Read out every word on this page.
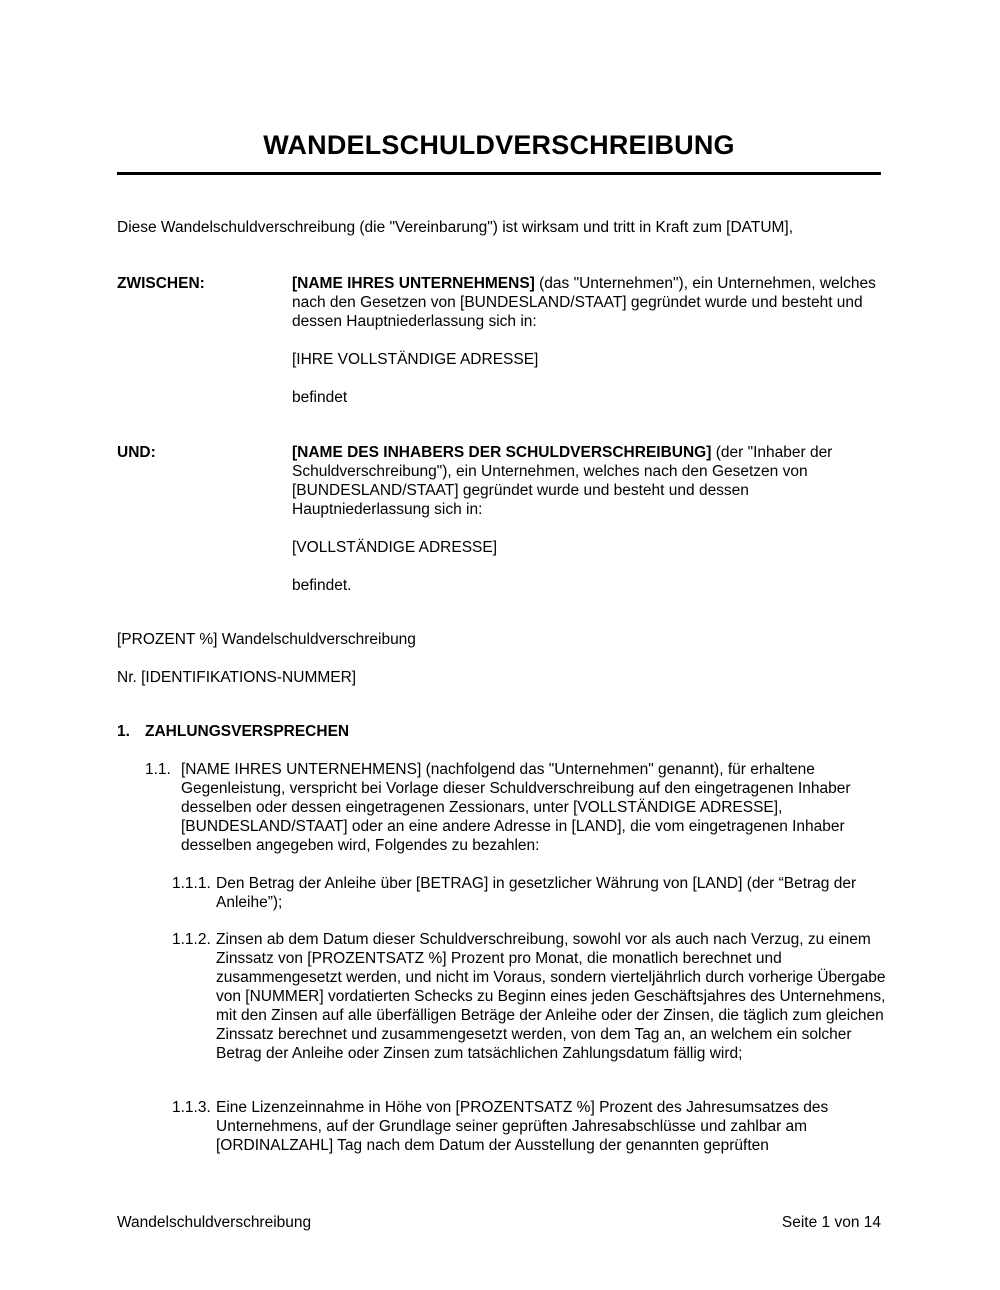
WANDELSCHULDVERSCHREIBUNG
Diese Wandelschuldverschreibung (die "Vereinbarung") ist wirksam und tritt in Kraft zum [DATUM],
ZWISCHEN:	[NAME IHRES UNTERNEHMENS] (das "Unternehmen"), ein Unternehmen, welches nach den Gesetzen von [BUNDESLAND/STAAT] gegründet wurde und besteht und dessen Hauptniederlassung sich in:

[IHRE VOLLSTÄNDIGE ADRESSE]

befindet

UND:	[NAME DES INHABERS DER SCHULDVERSCHREIBUNG] (der "Inhaber der Schuldverschreibung"), ein Unternehmen, welches nach den Gesetzen von [BUNDESLAND/STAAT] gegründet wurde und besteht und dessen Hauptniederlassung sich in:

[VOLLSTÄNDIGE ADRESSE]

befindet.

[PROZENT %] Wandelschuldverschreibung
Nr. [IDENTIFIKATIONS-NUMMER]
1. ZAHLUNGSVERSPRECHEN
1.1. [NAME IHRES UNTERNEHMENS] (nachfolgend das "Unternehmen" genannt), für erhaltene Gegenleistung, verspricht bei Vorlage dieser Schuldverschreibung auf den eingetragenen Inhaber desselben oder dessen eingetragenen Zessionars, unter [VOLLSTÄNDIGE ADRESSE], [BUNDESLAND/STAAT] oder an eine andere Adresse in [LAND], die vom eingetragenen Inhaber desselben angegeben wird, Folgendes zu bezahlen:
1.1.1. Den Betrag der Anleihe über [BETRAG] in gesetzlicher Währung von [LAND] (der “Betrag der Anleihe”);
1.1.2. Zinsen ab dem Datum dieser Schuldverschreibung, sowohl vor als auch nach Verzug, zu einem Zinssatz von [PROZENTSATZ %] Prozent pro Monat, die monatlich berechnet und zusammengesetzt werden, und nicht im Voraus, sondern vierteljährlich durch vorherige Übergabe von [NUMMER] vordatierten Schecks zu Beginn eines jeden Geschäftsjahres des Unternehmens, mit den Zinsen auf alle überfälligen Beträge der Anleihe oder der Zinsen, die täglich zum gleichen Zinssatz berechnet und zusammengesetzt werden, von dem Tag an, an welchem ein solcher Betrag der Anleihe oder Zinsen zum tatsächlichen Zahlungsdatum fällig wird;
1.1.3. Eine Lizenzeinnahme in Höhe von [PROZENTSATZ %] Prozent des Jahresumsatzes des Unternehmens, auf der Grundlage seiner geprüften Jahresabschlüsse und zahlbar am [ORDINALZAHL] Tag nach dem Datum der Ausstellung der genannten geprüften
Wandelschuldverschreibung	Seite 1 von 14
